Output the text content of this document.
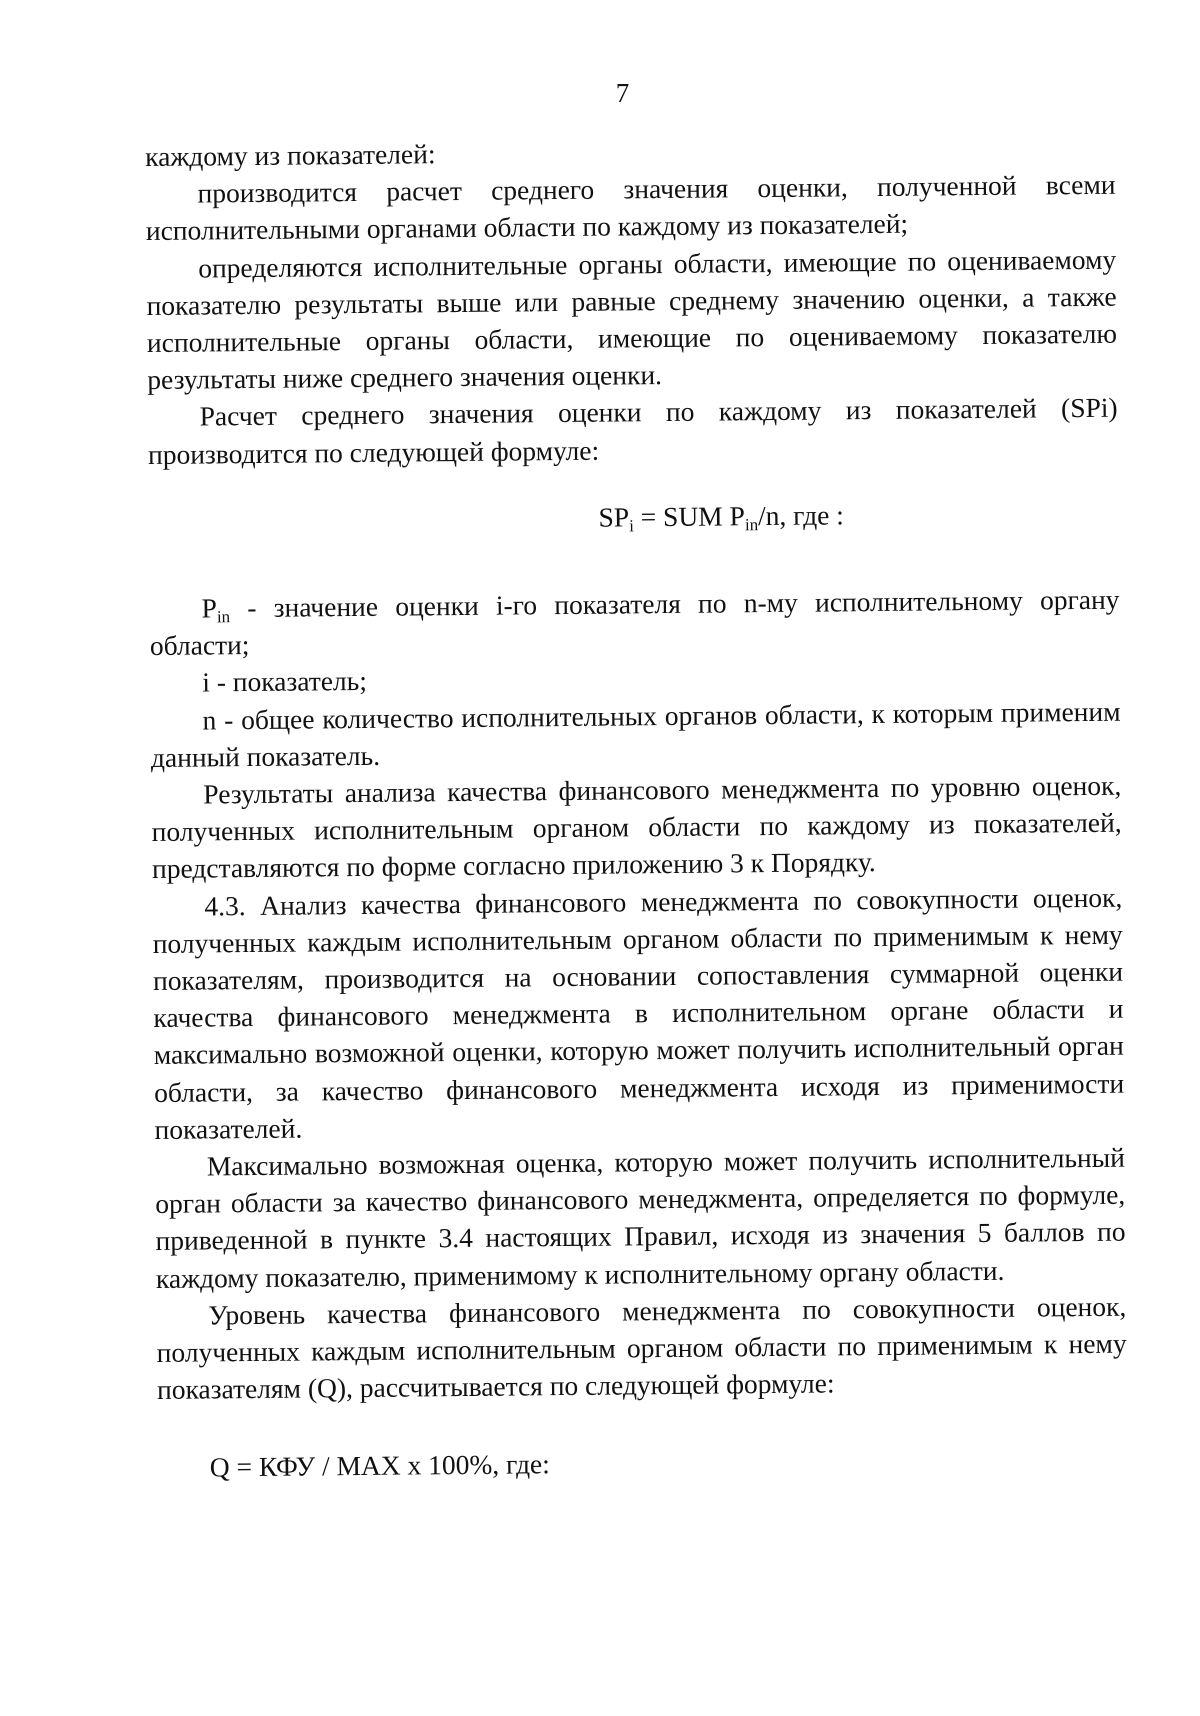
7

каждому из показателей:

производится расчет среднего значения оценки, полученной всеми исполнительными органами области по каждому из показателей;

определяются исполнительные органы области, имеющие по оцениваемому показателю результаты выше или равные среднему значению оценки, а также исполнительные органы области, имеющие по оцениваемому показателю результаты ниже среднего значения оценки.

Расчет среднего значения оценки по каждому из показателей (SPi) производится по следующей формуле:

$SP_i$ = SUM $P_{in}/n$, где :

$P_{in}$ - значение оценки i-го показателя по n-му исполнительному органу области;

i - показатель;

n - общее количество исполнительных органов области, к которым применим данный показатель.

Результаты анализа качества финансового менеджмента по уровню оценок, полученных исполнительным органом области по каждому из показателей, представляются по форме согласно приложению 3 к Порядку.

4.3. Анализ качества финансового менеджмента по совокупности оценок, полученных каждым исполнительным органом области по применимым к нему показателям, производится на основании сопоставления суммарной оценки качества финансового менеджмента в исполнительном органе области и максимально возможной оценки, которую может получить исполнительный орган области, за качество финансового менеджмента исходя из применимости показателей.

Максимально возможная оценка, которую может получить исполнительный орган области за качество финансового менеджмента, определяется по формуле, приведенной в пункте 3.4 настоящих Правил, исходя из значения 5 баллов по каждому показателю, применимому к исполнительному органу области.

Уровень качества финансового менеджмента по совокупности оценок, полученных каждым исполнительным органом области по применимым к нему показателям (Q), рассчитывается по следующей формуле:

Q = КФУ / МАХ х 100%, где:
